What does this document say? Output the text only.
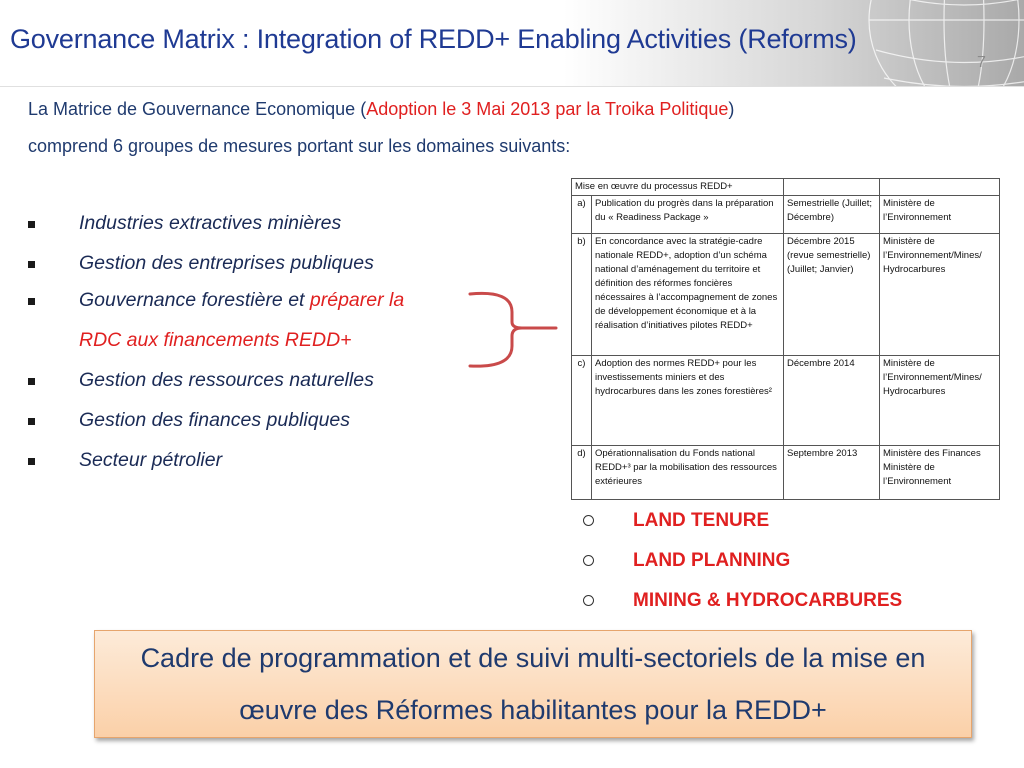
Governance Matrix : Integration of REDD+ Enabling Activities (Reforms)
7
La Matrice de Gouvernance Economique (Adoption le 3 Mai 2013 par la Troika Politique)
comprend 6 groupes de mesures portant sur les domaines suivants:
Industries extractives minières
Gestion des entreprises publiques
Gouvernance forestière et préparer la
Gestion des ressources naturelles
Gestion des finances publiques
Secteur pétrolier
RDC aux financements REDD+
Mise en œuvre du processus REDD+			
a)	Publication du progrès dans la préparation du « Readiness Package »	Semestrielle (Juillet; Décembre)	Ministère de l’Environnement
b)	En concordance avec la stratégie-cadre nationale REDD+, adoption d’un schéma national d’aménagement du territoire et définition des réformes foncières nécessaires à l’accompagnement de zones de développement économique et à la réalisation d’initiatives pilotes REDD+	Décembre 2015 (revue semestrielle) (Juillet; Janvier)	Ministère de l’Environnement/Mines/ Hydrocarbures
c)	Adoption des normes REDD+ pour les investissements miniers et des hydrocarbures dans les zones forestières²	Décembre 2014	Ministère de l’Environnement/Mines/ Hydrocarbures
d)	Opérationnalisation du Fonds national REDD+³ par la mobilisation des ressources extérieures	Septembre 2013	Ministère des Finances Ministère de l’Environnement
LAND TENURE
LAND PLANNING
MINING & HYDROCARBURES
Cadre de programmation et de suivi multi-sectoriels de la mise en œuvre des Réformes habilitantes pour la REDD+
